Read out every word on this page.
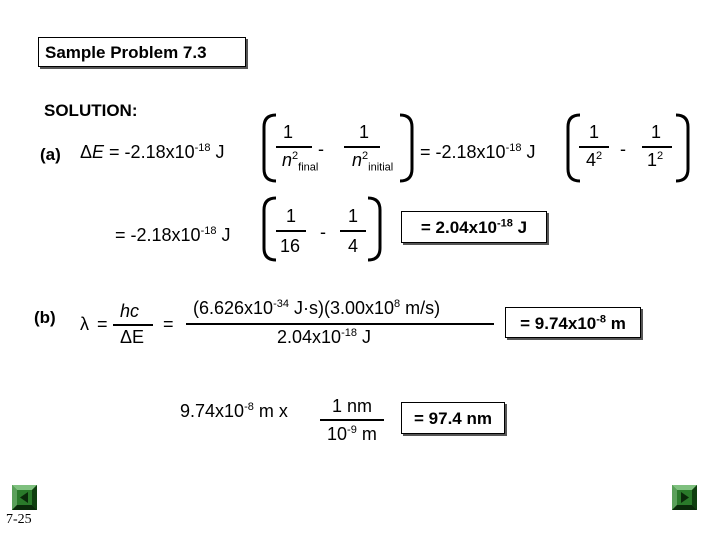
Sample Problem 7.3
SOLUTION:
(a) $\Delta E = -2.18x10^{-18}$ J
1
$n^2_{final}$
-
1
$n^2_{initial}$
= $-2.18x10^{-18}$ J
1
$4^2$ -
1
$1^2$
= $-2.18x10^{-18}$ J
1
16
-
1
4
= $2.04x10^{-18}$ J
(b) λ =
hc
ΔE
=
($6.626x10^{-34}$ $J\cdot s)(3.00x10^8$ m/s)
$2.04x10^{-18}$ J
= $9.74x10^{-8}$ m
$9.74x10^{-8}$ m x 1 nm
$10^{-9}$ m
= 97.4 nm
7-25
